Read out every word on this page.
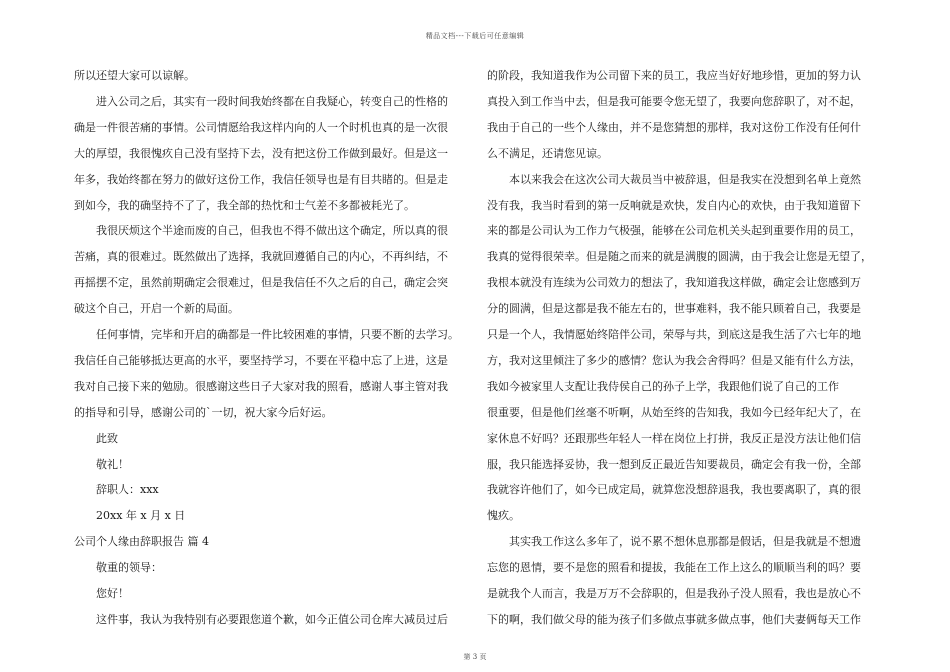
精品文档---下载后可任意编辑
所以还望大家可以谅解。
进入公司之后，其实有一段时间我始终都在自我疑心，转变自己的性格的
确是一件很苦痛的事情。公司情愿给我这样内向的人一个时机也真的是一次很
大的厚望，我很愧疚自己没有坚持下去，没有把这份工作做到最好。但是这一
年多，我始终都在努力的做好这份工作，我信任领导也是有目共睹的。但是走
到如今，我的确坚持不了了，我全部的热忱和士气差不多都被耗光了。
我很厌烦这个半途而废的自己，但我也不得不做出这个确定，所以真的很
苦痛，真的很难过。既然做出了选择，我就回遵循自己的内心，不再纠结，不
再摇摆不定，虽然前期确定会很难过，但是我信任不久之后的自己，确定会突
破这个自己，开启一个新的局面。
任何事情，完毕和开启的确都是一件比较困难的事情，只要不断的去学习。
我信任自己能够抵达更高的水平，要坚持学习，不要在平稳中忘了上进，这是
我对自己接下来的勉励。很感谢这些日子大家对我的照看，感谢人事主管对我
的指导和引导，感谢公司的`一切，祝大家今后好运。
此致
敬礼！
辞职人：xxx
20xx 年 x 月 x 日
公司个人缘由辞职报告 篇 4
敬重的领导：
您好！
这件事，我认为我特别有必要跟您道个歉，如今正值公司仓库大减员过后
的阶段，我知道我作为公司留下来的员工，我应当好好地珍惜，更加的努力认
真投入到工作当中去，但是我可能要令您无望了，我要向您辞职了，对不起，
我由于自己的一些个人缘由，并不是您猜想的那样，我对这份工作没有任何什
么不满足，还请您见谅。
本以来我会在这次公司大裁员当中被辞退，但是我实在没想到名单上竟然
没有我，我当时看到的第一反响就是欢快，发自内心的欢快，由于我知道留下
来的都是公司认为工作力气极强，能够在公司危机关头起到重要作用的员工，
我真的觉得很荣幸。但是随之而来的就是满腹的圆满，由于我会让您是无望了，
我根本就没有连续为公司效力的想法了，我知道我这样做，确定会让您感到万
分的圆满，但是这都是我不能左右的，世事难料，我不能只顾着自己，我要是
只是一个人，我情愿始终陪伴公司，荣辱与共，到底这是我生活了六七年的地
方，我对这里倾注了多少的感情？您认为我会舍得吗？但是又能有什么方法，
我如今被家里人支配让我侍侯自己的孙子上学，我跟他们说了自己的工作
很重要，但是他们丝毫不听啊，从始至终的告知我，我如今已经年纪大了，在
家休息不好吗？还跟那些年轻人一样在岗位上打拼，我反正是没方法让他们信
服，我只能选择妥协，我一想到反正最近告知要裁员，确定会有我一份，全部
我就容许他们了，如今已成定局，就算您没想辞退我，我也要离职了，真的很
愧疚。
其实我工作这么多年了，说不累不想休息那都是假话，但是我就是不想遗
忘您的恩情，要不是您的照看和提拔，我能在工作上这么的顺顺当利的吗？要
是就我个人而言，我是万万不会辞职的，但是我孙子没人照看，我也是放心不
下的啊，我们做父母的能为孩子们多做点事就多做点事，他们夫妻俩每天工作
第 3 页
